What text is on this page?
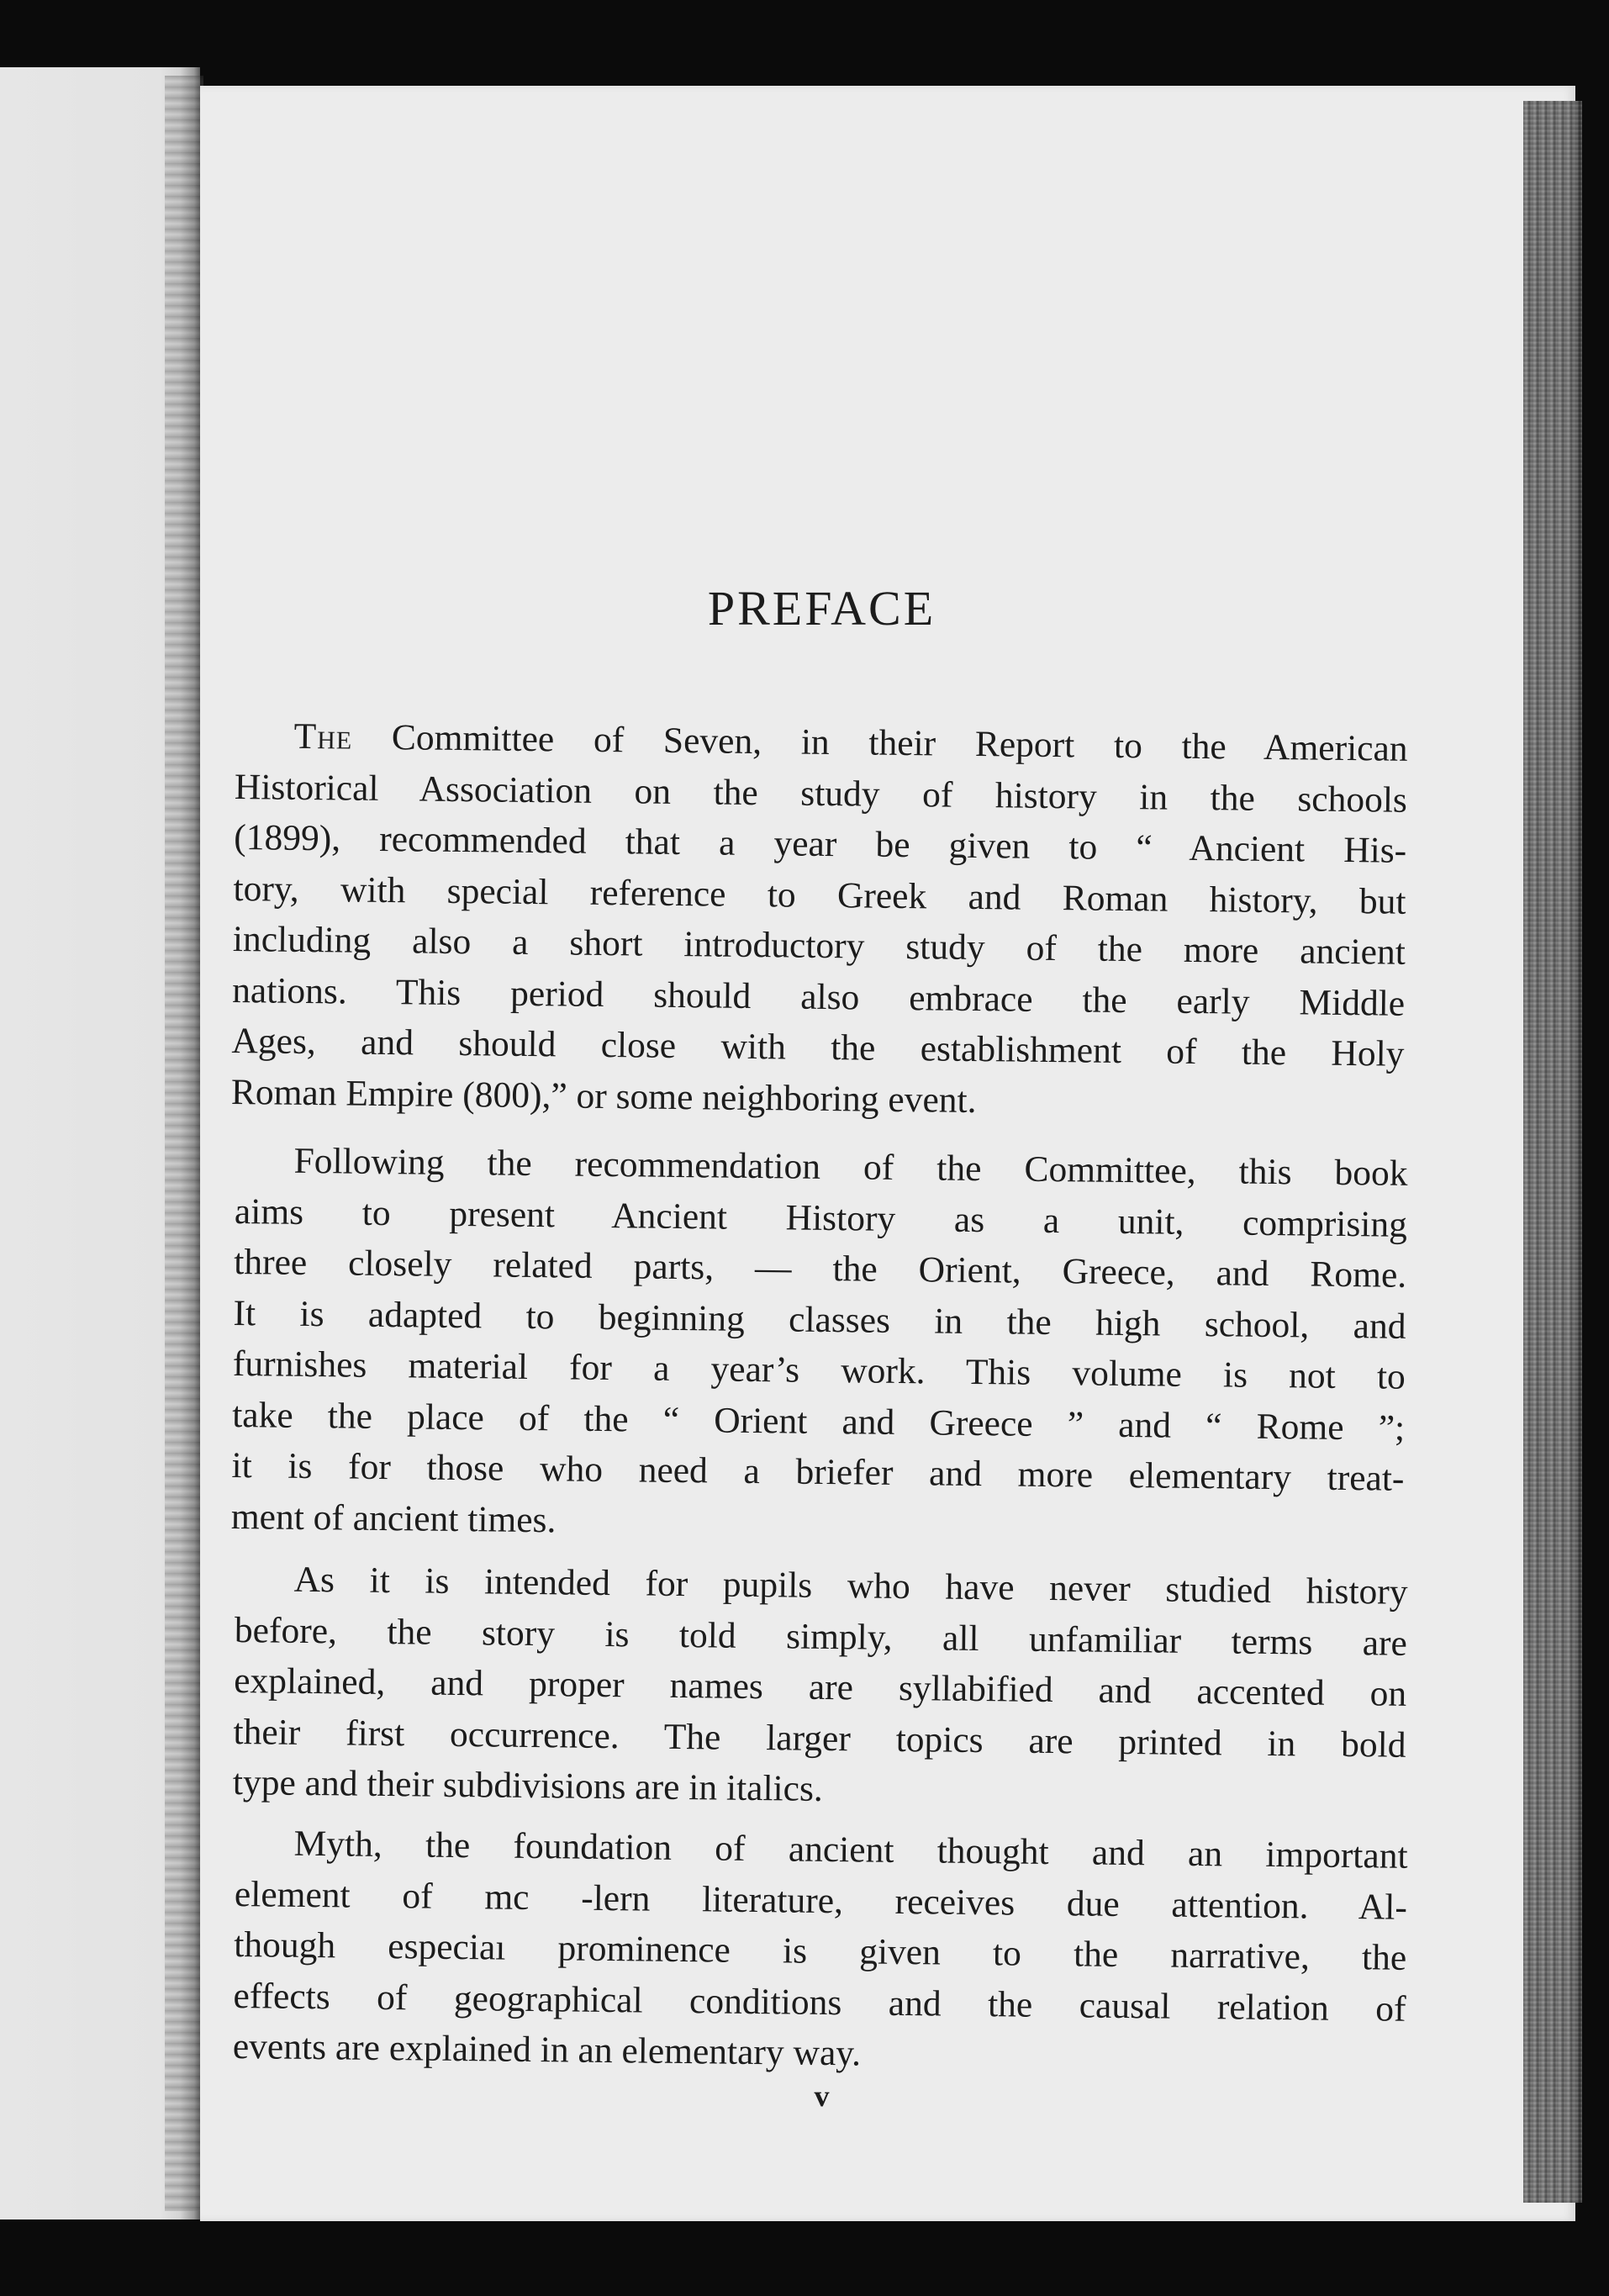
PREFACE

The Committee of Seven, in their Report to the American
Historical Association on the study of history in the schools
(1899), recommended that a year be given to “ Ancient His-
tory, with special reference to Greek and Roman history, but
including also a short introductory study of the more ancient
nations. This period should also embrace the early Middle
Ages, and should close with the establishment of the Holy
Roman Empire (800),” or some neighboring event.

Following the recommendation of the Committee, this book
aims to present Ancient History as a unit, comprising
three closely related parts, — the Orient, Greece, and Rome.
It is adapted to beginning classes in the high school, and
furnishes material for a year’s work. This volume is not to
take the place of the “ Orient and Greece ” and “ Rome ”;
it is for those who need a briefer and more elementary treat-
ment of ancient times.

As it is intended for pupils who have never studied history
before, the story is told simply, all unfamiliar terms are
explained, and proper names are syllabified and accented on
their first occurrence. The larger topics are printed in bold
type and their subdivisions are in italics.

Myth, the foundation of ancient thought and an important
element of mc ‑lern literature, receives due attention. Al-
though especiaı prominence is given to the narrative, the
effects of geographical conditions and the causal relation of
events are explained in an elementary way.

v
